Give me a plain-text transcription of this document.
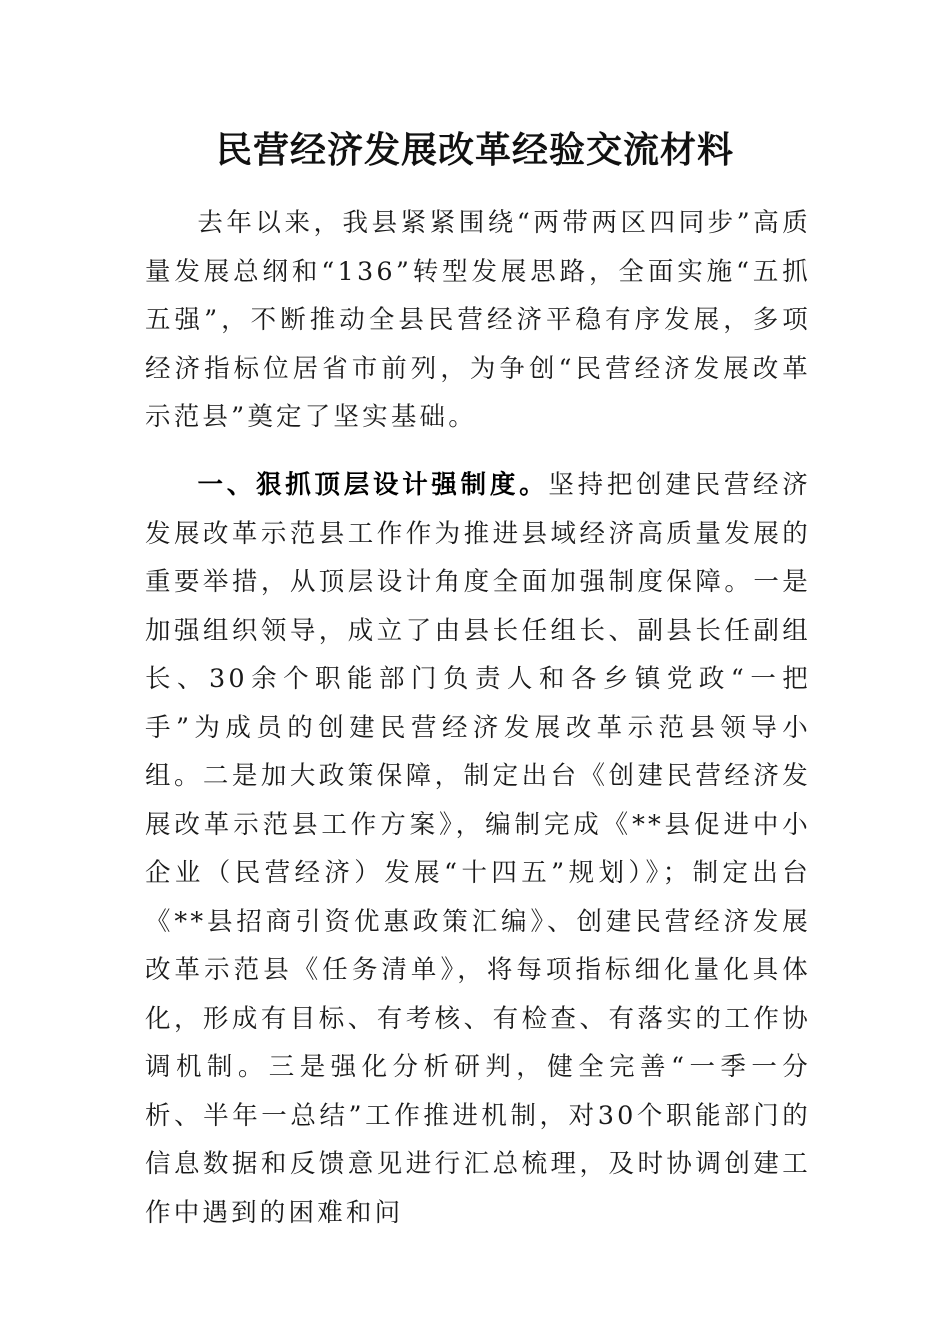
民营经济发展改革经验交流材料

去年以来，我县紧紧围绕“两带两区四同步”高质量发展总纲和“136”转型发展思路，全面实施“五抓五强”，不断推动全县民营经济平稳有序发展，多项经济指标位居省市前列，为争创“民营经济发展改革示范县”奠定了坚实基础。

一、狠抓顶层设计强制度。坚持把创建民营经济发展改革示范县工作作为推进县域经济高质量发展的重要举措，从顶层设计角度全面加强制度保障。一是加强组织领导，成立了由县长任组长、副县长任副组长、30余个职能部门负责人和各乡镇党政“一把手”为成员的创建民营经济发展改革示范县领导小组。二是加大政策保障，制定出台《创建民营经济发展改革示范县工作方案》，编制完成《**县促进中小企业（民营经济）发展“十四五”规划）》；制定出台《**县招商引资优惠政策汇编》、创建民营经济发展改革示范县《任务清单》，将每项指标细化量化具体化，形成有目标、有考核、有检查、有落实的工作协调机制。三是强化分析研判，健全完善“一季一分析、半年一总结”工作推进机制，对30个职能部门的信息数据和反馈意见进行汇总梳理，及时协调创建工作中遇到的困难和问
